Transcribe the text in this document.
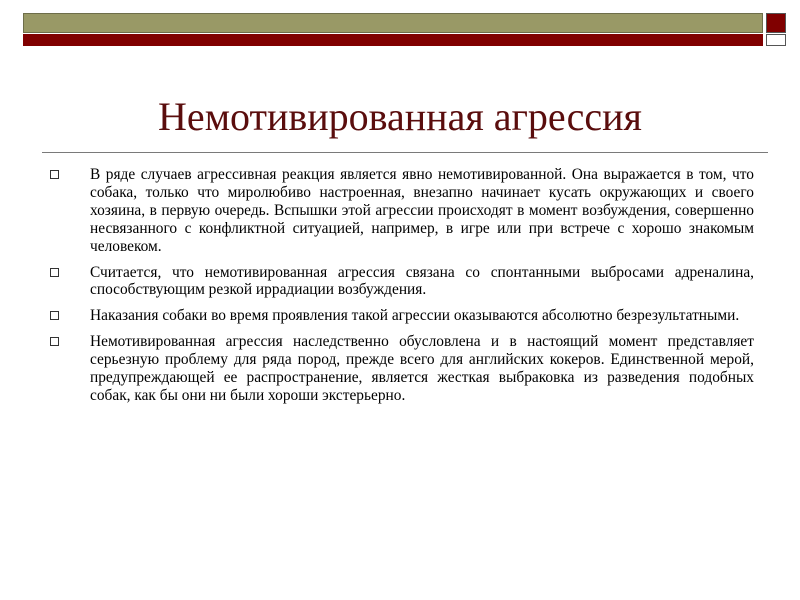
Немотивированная агрессия
В ряде случаев агрессивная реакция является явно немотивированной. Она выражается в том, что собака, только что миролюбиво настроенная, внезапно начинает кусать окружающих и своего хозяина, в первую очередь. Вспышки этой агрессии происходят в момент возбуждения, совершенно несвязанного с конфликтной ситуацией, например, в игре или при встрече с хорошо знакомым человеком.
Считается, что немотивированная агрессия связана со спонтанными выбросами адреналина, способствующим резкой иррадиации возбуждения.
Наказания собаки во время проявления такой агрессии оказываются абсолютно безрезультатными.
Немотивированная агрессия наследственно обусловлена и в настоящий момент представляет серьезную проблему для ряда пород, прежде всего для английских кокеров. Единственной мерой, предупреждающей ее распространение, является жесткая выбраковка из разведения подобных собак, как бы они ни были хороши экстерьерно.
